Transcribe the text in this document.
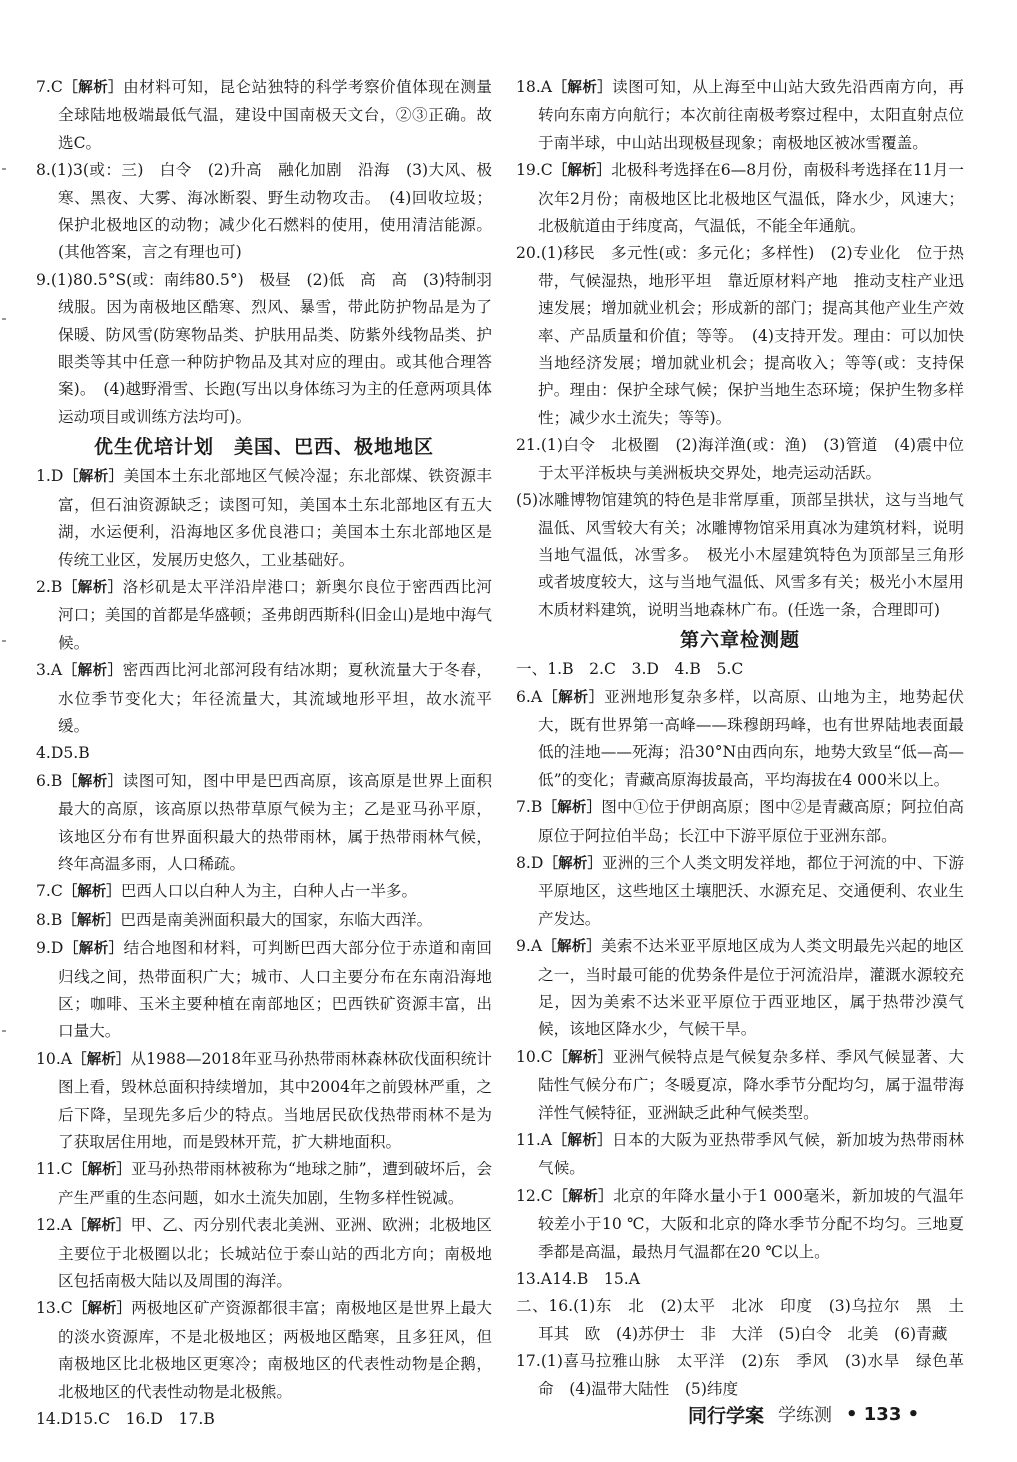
7.C［解析］由材料可知，昆仑站独特的科学考察价值体现在测量全球陆地极端最低气温，建设中国南极天文台，②③正确。故选C。

8.(1)3(或：三)　白令　(2)升高　融化加剧　沿海　(3)大风、极寒、黑夜、大雾、海冰断裂、野生动物攻击。　(4)回收垃圾；保护北极地区的动物；减少化石燃料的使用，使用清洁能源。(其他答案，言之有理也可)

9.(1)80.5°S(或：南纬80.5°)　极昼　(2)低　高　高　(3)特制羽绒服。因为南极地区酷寒、烈风、暴雪，带此防护物品是为了保暖、防风雪(防寒物品类、护肤用品类、防紫外线物品类、护眼类等其中任意一种防护物品及其对应的理由。或其他合理答案)。　(4)越野滑雪、长跑(写出以身体练习为主的任意两项具体运动项目或训练方法均可)。

优生优培计划　美国、巴西、极地地区

1.D［解析］美国本土东北部地区气候冷湿；东北部煤、铁资源丰富，但石油资源缺乏；读图可知，美国本土东北部地区有五大湖，水运便利，沿海地区多优良港口；美国本土东北部地区是传统工业区，发展历史悠久，工业基础好。

2.B［解析］洛杉矶是太平洋沿岸港口；新奥尔良位于密西西比河河口；美国的首都是华盛顿；圣弗朗西斯科(旧金山)是地中海气候。

3.A［解析］密西西比河北部河段有结冰期；夏秋流量大于冬春，水位季节变化大；年径流量大，其流域地形平坦，故水流平缓。

4.D5.B

6.B［解析］读图可知，图中甲是巴西高原，该高原是世界上面积最大的高原，该高原以热带草原气候为主；乙是亚马孙平原，该地区分布有世界面积最大的热带雨林，属于热带雨林气候，终年高温多雨，人口稀疏。

7.C［解析］巴西人口以白种人为主，白种人占一半多。

8.B［解析］巴西是南美洲面积最大的国家，东临大西洋。

9.D［解析］结合地图和材料，可判断巴西大部分位于赤道和南回归线之间，热带面积广大；城市、人口主要分布在东南沿海地区；咖啡、玉米主要种植在南部地区；巴西铁矿资源丰富，出口量大。

10.A［解析］从1988—2018年亚马孙热带雨林森林砍伐面积统计图上看，毁林总面积持续增加，其中2004年之前毁林严重，之后下降，呈现先多后少的特点。当地居民砍伐热带雨林不是为了获取居住用地，而是毁林开荒，扩大耕地面积。

11.C［解析］亚马孙热带雨林被称为“地球之肺”，遭到破坏后，会产生严重的生态问题，如水土流失加剧，生物多样性锐减。

12.A［解析］甲、乙、丙分别代表北美洲、亚洲、欧洲；北极地区主要位于北极圈以北；长城站位于泰山站的西北方向；南极地区包括南极大陆以及周围的海洋。

13.C［解析］两极地区矿产资源都很丰富；南极地区是世界上最大的淡水资源库，不是北极地区；两极地区酷寒，且多狂风，但南极地区比北极地区更寒冷；南极地区的代表性动物是企鹅，北极地区的代表性动物是北极熊。

14.D15.C　16.D　17.B

18.A［解析］读图可知，从上海至中山站大致先沿西南方向，再转向东南方向航行；本次前往南极考察过程中，太阳直射点位于南半球，中山站出现极昼现象；南极地区被冰雪覆盖。

19.C［解析］北极科考选择在6—8月份，南极科考选择在11月一次年2月份；南极地区比北极地区气温低，降水少，风速大；北极航道由于纬度高，气温低，不能全年通航。

20.(1)移民　多元性(或：多元化；多样性)　(2)专业化　位于热带，气候湿热，地形平坦　靠近原材料产地　推动支柱产业迅速发展；增加就业机会；形成新的部门；提高其他产业生产效率、产品质量和价值；等等。　(4)支持开发。理由：可以加快当地经济发展；增加就业机会；提高收入；等等(或：支持保护。理由：保护全球气候；保护当地生态环境；保护生物多样性；减少水土流失；等等)。

21.(1)白令　北极圈　(2)海洋渔(或：渔)　(3)管道　(4)震中位于太平洋板块与美洲板块交界处，地壳运动活跃。

(5)冰雕博物馆建筑的特色是非常厚重，顶部呈拱状，这与当地气温低、风雪较大有关；冰雕博物馆采用真冰为建筑材料，说明当地气温低，冰雪多。　极光小木屋建筑特色为顶部呈三角形或者坡度较大，这与当地气温低、风雪多有关；极光小木屋用木质材料建筑，说明当地森林广布。(任选一条，合理即可)

第六章检测题

一、1.B　2.C　3.D　4.B　5.C

6.A［解析］亚洲地形复杂多样，以高原、山地为主，地势起伏大，既有世界第一高峰——珠穆朗玛峰，也有世界陆地表面最低的洼地——死海；沿30°N由西向东，地势大致呈“低—高—低”的变化；青藏高原海拔最高，平均海拔在4 000米以上。

7.B［解析］图中①位于伊朗高原；图中②是青藏高原；阿拉伯高原位于阿拉伯半岛；长江中下游平原位于亚洲东部。

8.D［解析］亚洲的三个人类文明发祥地，都位于河流的中、下游平原地区，这些地区土壤肥沃、水源充足、交通便利、农业生产发达。

9.A［解析］美索不达米亚平原地区成为人类文明最先兴起的地区之一，当时最可能的优势条件是位于河流沿岸，灌溉水源较充足，因为美索不达米亚平原位于西亚地区，属于热带沙漠气候，该地区降水少，气候干旱。

10.C［解析］亚洲气候特点是气候复杂多样、季风气候显著、大陆性气候分布广；冬暖夏凉，降水季节分配均匀，属于温带海洋性气候特征，亚洲缺乏此种气候类型。

11.A［解析］日本的大阪为亚热带季风气候，新加坡为热带雨林气候。

12.C［解析］北京的年降水量小于1 000毫米，新加坡的气温年较差小于10 ℃，大阪和北京的降水季节分配不均匀。三地夏季都是高温，最热月气温都在20 ℃以上。

13.A14.B　15.A

二、16.(1)东　北　(2)太平　北冰　印度　(3)乌拉尔　黑　土耳其　欧　(4)苏伊士　非　大洋　(5)白令　北美　(6)青藏

17.(1)喜马拉雅山脉　太平洋　(2)东　季风　(3)水旱　绿色革命　(4)温带大陆性　(5)纬度

同行学案 学练测 • 133 •
